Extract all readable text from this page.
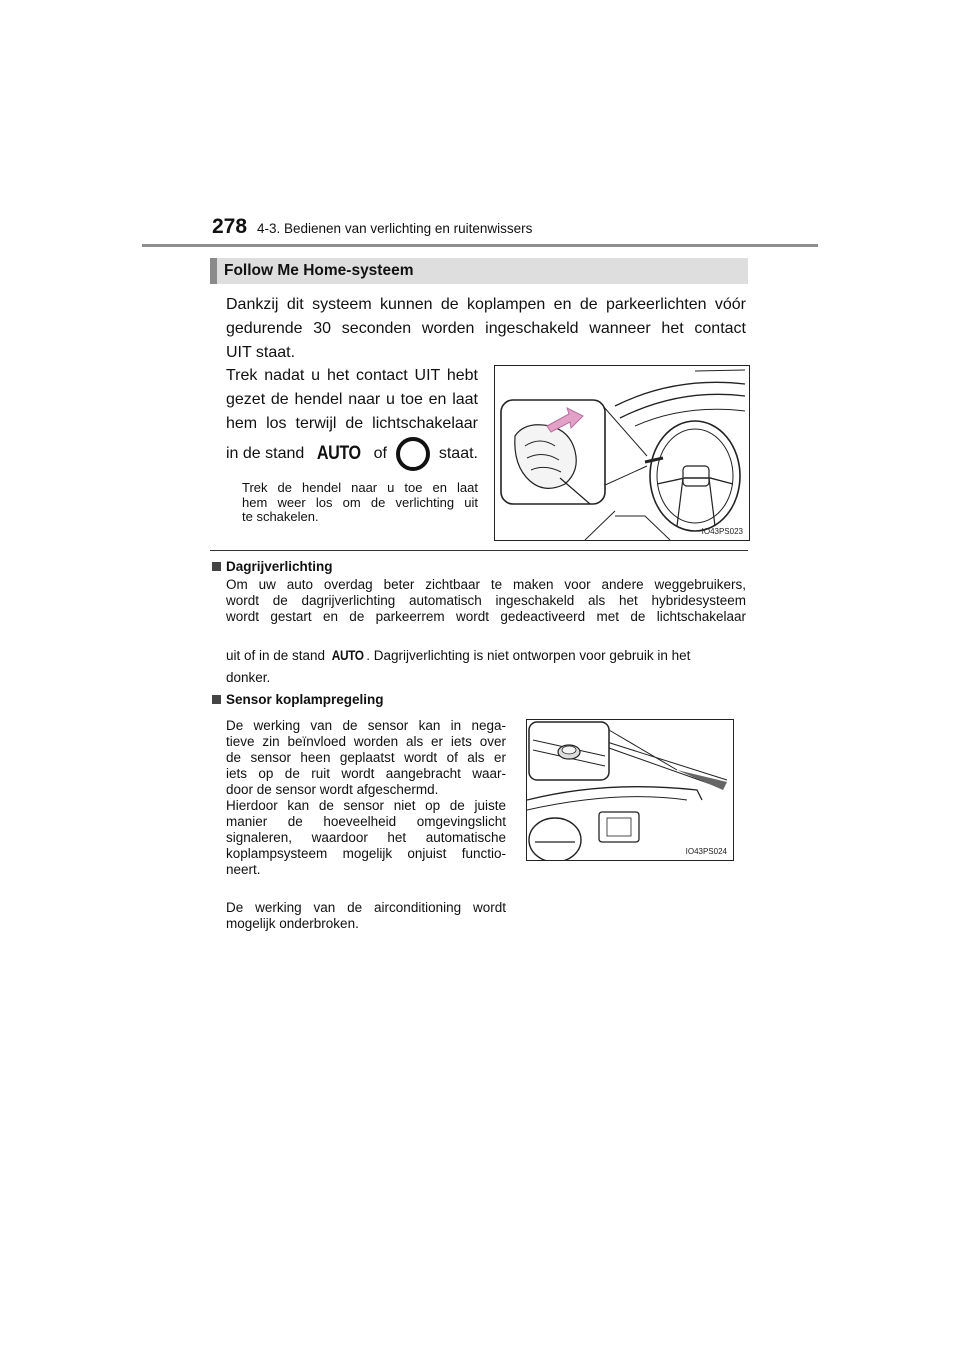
278 4-3. Bedienen van verlichting en ruitenwissers
Follow Me Home-systeem
Dankzij dit systeem kunnen de koplampen en de parkeerlichten vóór
gedurende 30 seconden worden ingeschakeld wanneer het contact
UIT staat.
Trek nadat u het contact UIT hebt
gezet de hendel naar u toe en laat
hem los terwijl de lichtschakelaar
in de stand AUTO of	staat.
Trek de hendel naar u toe en laat
hem weer los om de verlichting uit
te schakelen.
IO43PS023
Dagrijverlichting
Om uw auto overdag beter zichtbaar te maken voor andere weggebruikers,
wordt de dagrijverlichting automatisch ingeschakeld als het hybridesysteem
wordt gestart en de parkeerrem wordt gedeactiveerd met de lichtschakelaar
uit of in de stand AUTO . Dagrijverlichting is niet ontworpen voor gebruik in het
donker.
Sensor koplampregeling
De werking van de sensor kan in nega-
tieve zin beïnvloed worden als er iets over
de sensor heen geplaatst wordt of als er
iets op de ruit wordt aangebracht waar-
door de sensor wordt afgeschermd.
Hierdoor kan de sensor niet op de juiste
manier de hoeveelheid omgevingslicht
signaleren, waardoor het automatische
koplampsysteem mogelijk onjuist functio-
neert.
De werking van de airconditioning wordt
mogelijk onderbroken.
IO43PS024
